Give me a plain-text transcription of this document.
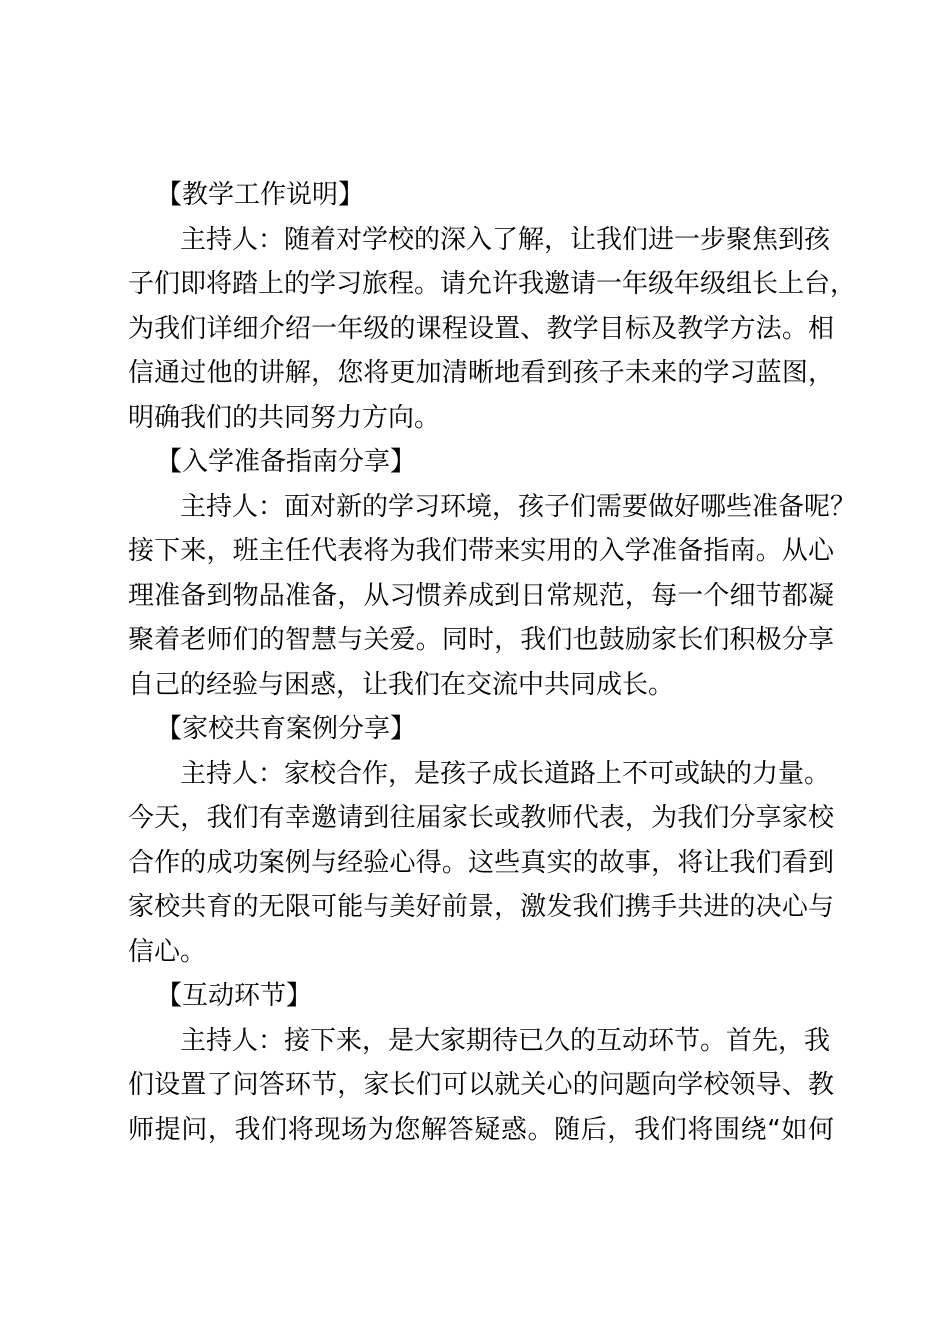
【教学工作说明】
主持人：随着对学校的深入了解，让我们进一步聚焦到孩
子们即将踏上的学习旅程。请允许我邀请一年级年级组长上台，
为我们详细介绍一年级的课程设置、教学目标及教学方法。相
信通过他的讲解，您将更加清晰地看到孩子未来的学习蓝图，
明确我们的共同努力方向。
【入学准备指南分享】
主持人：面对新的学习环境，孩子们需要做好哪些准备呢？
接下来，班主任代表将为我们带来实用的入学准备指南。从心
理准备到物品准备，从习惯养成到日常规范，每一个细节都凝
聚着老师们的智慧与关爱。同时，我们也鼓励家长们积极分享
自己的经验与困惑，让我们在交流中共同成长。
【家校共育案例分享】
主持人：家校合作，是孩子成长道路上不可或缺的力量。
今天，我们有幸邀请到往届家长或教师代表，为我们分享家校
合作的成功案例与经验心得。这些真实的故事，将让我们看到
家校共育的无限可能与美好前景，激发我们携手共进的决心与
信心。
【互动环节】
主持人：接下来，是大家期待已久的互动环节。首先，我
们设置了问答环节，家长们可以就关心的问题向学校领导、教
师提问，我们将现场为您解答疑惑。随后，我们将围绕“如何
